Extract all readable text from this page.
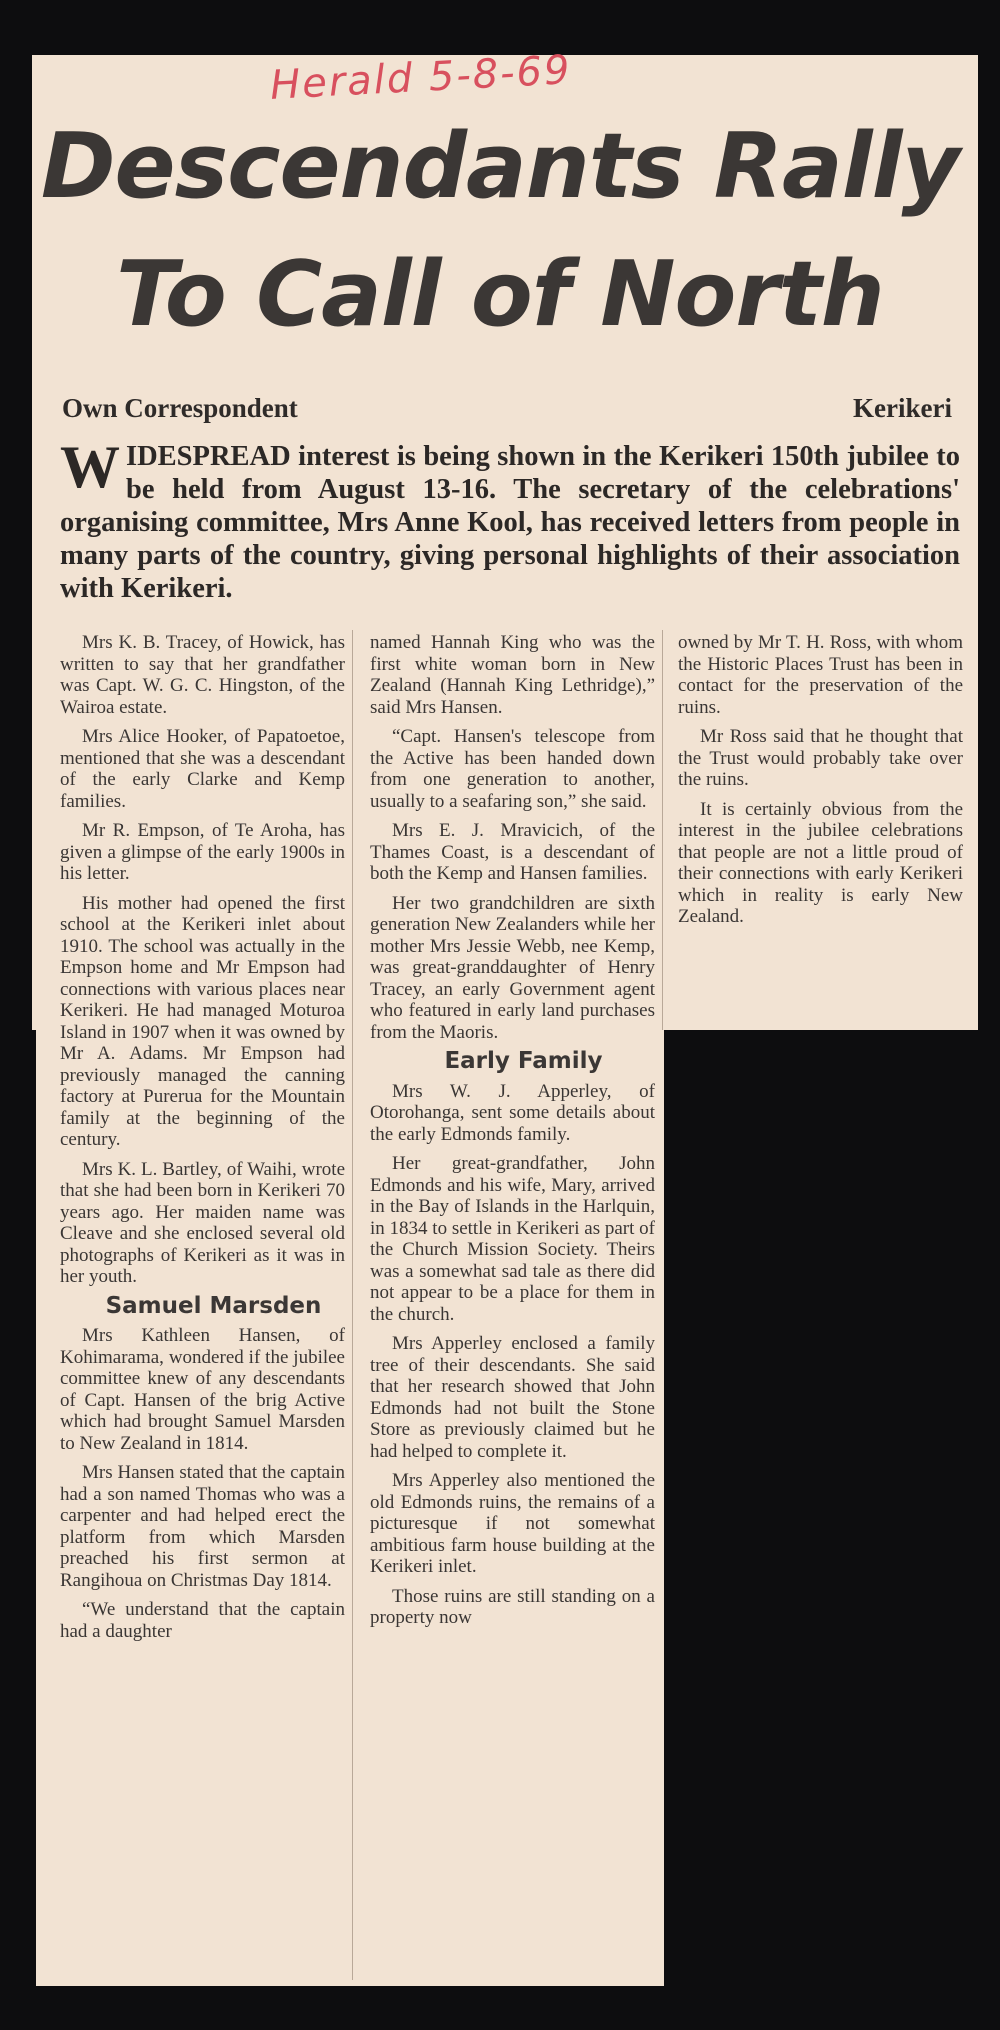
Herald 5-8-69
Descendants Rally
To Call of North
Own Correspondent	Kerikeri
WIDESPREAD interest is being shown in the Kerikeri 150th jubilee to be held from August 13-16. The secretary of the celebrations' organising committee, Mrs Anne Kool, has received letters from people in many parts of the country, giving personal highlights of their association with Kerikeri.

Mrs K. B. Tracey, of Howick, has written to say that her grandfather was Capt. W. G. C. Hingston, of the Wairoa estate.

Mrs Alice Hooker, of Papatoetoe, mentioned that she was a descendant of the early Clarke and Kemp families.

Mr R. Empson, of Te Aroha, has given a glimpse of the early 1900s in his letter.

His mother had opened the first school at the Kerikeri inlet about 1910. The school was actually in the Empson home and Mr Empson had connections with various places near Kerikeri. He had managed Moturoa Island in 1907 when it was owned by Mr A. Adams. Mr Empson had previously managed the canning factory at Purerua for the Mountain family at the beginning of the century.

Mrs K. L. Bartley, of Waihi, wrote that she had been born in Kerikeri 70 years ago. Her maiden name was Cleave and she enclosed several old photographs of Kerikeri as it was in her youth.

Samuel Marsden

Mrs Kathleen Hansen, of Kohimarama, wondered if the jubilee committee knew of any descendants of Capt. Hansen of the brig Active which had brought Samuel Marsden to New Zealand in 1814.

Mrs Hansen stated that the captain had a son named Thomas who was a carpenter and had helped erect the platform from which Marsden preached his first sermon at Rangihoua on Christmas Day 1814.

“We understand that the captain had a daughter

named Hannah King who was the first white woman born in New Zealand (Hannah King Lethridge),” said Mrs Hansen.

“Capt. Hansen's telescope from the Active has been handed down from one generation to another, usually to a seafaring son,” she said.

Mrs E. J. Mravicich, of the Thames Coast, is a descendant of both the Kemp and Hansen families.

Her two grandchildren are sixth generation New Zealanders while her mother Mrs Jessie Webb, nee Kemp, was great-granddaughter of Henry Tracey, an early Government agent who featured in early land purchases from the Maoris.

Early Family

Mrs W. J. Apperley, of Otorohanga, sent some details about the early Edmonds family.

Her great-grandfather, John Edmonds and his wife, Mary, arrived in the Bay of Islands in the Harlquin, in 1834 to settle in Kerikeri as part of the Church Mission Society. Theirs was a somewhat sad tale as there did not appear to be a place for them in the church.

Mrs Apperley enclosed a family tree of their descendants. She said that her research showed that John Edmonds had not built the Stone Store as previously claimed but he had helped to complete it.

Mrs Apperley also mentioned the old Edmonds ruins, the remains of a picturesque if not somewhat ambitious farm house building at the Kerikeri inlet.

Those ruins are still standing on a property now

owned by Mr T. H. Ross, with whom the Historic Places Trust has been in contact for the preservation of the ruins.

Mr Ross said that he thought that the Trust would probably take over the ruins.

It is certainly obvious from the interest in the jubilee celebrations that people are not a little proud of their connections with early Kerikeri which in reality is early New Zealand.
